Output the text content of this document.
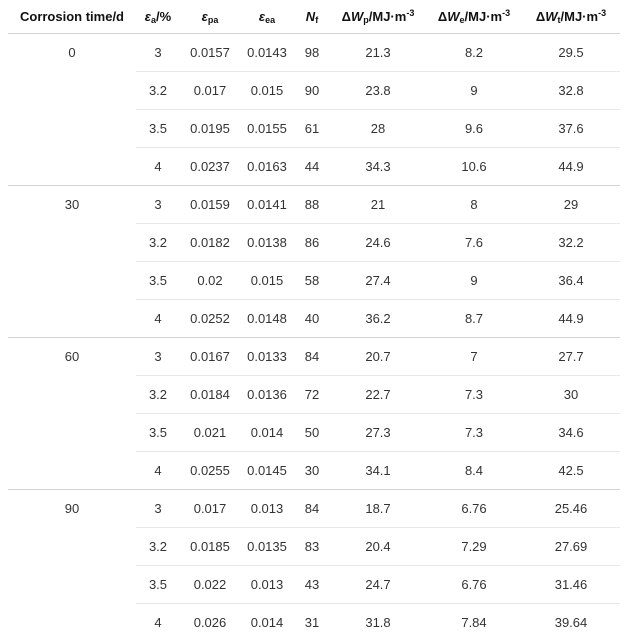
Corrosion time/d	$\varepsilon_a/\%$	$\varepsilon_{pa}$	$\varepsilon_{ea}$	$N_f$	$\Delta W_p/MJ\cdot m^{-3}$	$\Delta W_e/MJ\cdot m^{-3}$	$\Delta W_t/MJ\cdot m^{-3}$
0	3	0.0157	0.0143	98	21.3	8.2	29.5
	3.2	0.017	0.015	90	23.8	9	32.8
	3.5	0.0195	0.0155	61	28	9.6	37.6
	4	0.0237	0.0163	44	34.3	10.6	44.9
30	3	0.0159	0.0141	88	21	8	29
	3.2	0.0182	0.0138	86	24.6	7.6	32.2
	3.5	0.02	0.015	58	27.4	9	36.4
	4	0.0252	0.0148	40	36.2	8.7	44.9
60	3	0.0167	0.0133	84	20.7	7	27.7
	3.2	0.0184	0.0136	72	22.7	7.3	30
	3.5	0.021	0.014	50	27.3	7.3	34.6
	4	0.0255	0.0145	30	34.1	8.4	42.5
90	3	0.017	0.013	84	18.7	6.76	25.46
	3.2	0.0185	0.0135	83	20.4	7.29	27.69
	3.5	0.022	0.013	43	24.7	6.76	31.46
	4	0.026	0.014	31	31.8	7.84	39.64
